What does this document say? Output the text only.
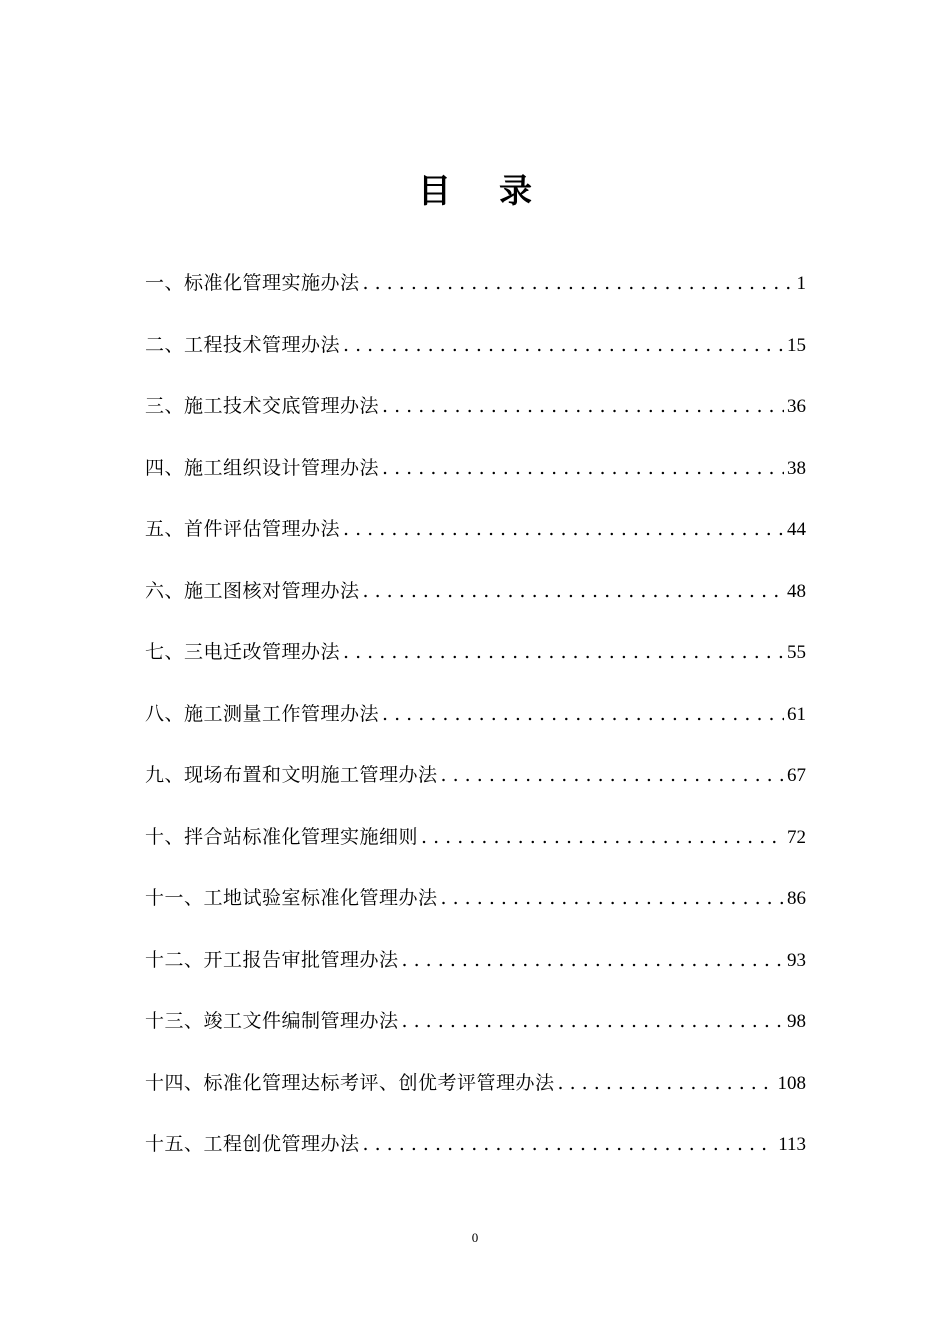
目 录
一、标准化管理实施办法 . . .	1
二、工程技术管理办法 . . .	15
三、施工技术交底管理办法 . . .	36
四、施工组织设计管理办法 . . .	38
五、首件评估管理办法 . . .	44
六、施工图核对管理办法 . . .	48
七、三电迁改管理办法 . . .	55
八、施工测量工作管理办法 . . .	61
九、现场布置和文明施工管理办法 . . .	67
十、拌合站标准化管理实施细则 . . .	72
十一、工地试验室标准化管理办法 . . .	86
十二、开工报告审批管理办法 . . .	93
十三、竣工文件编制管理办法 . . .	98
十四、标准化管理达标考评、创优考评管理办法 . . .	108
十五、工程创优管理办法 . . .	113
0
